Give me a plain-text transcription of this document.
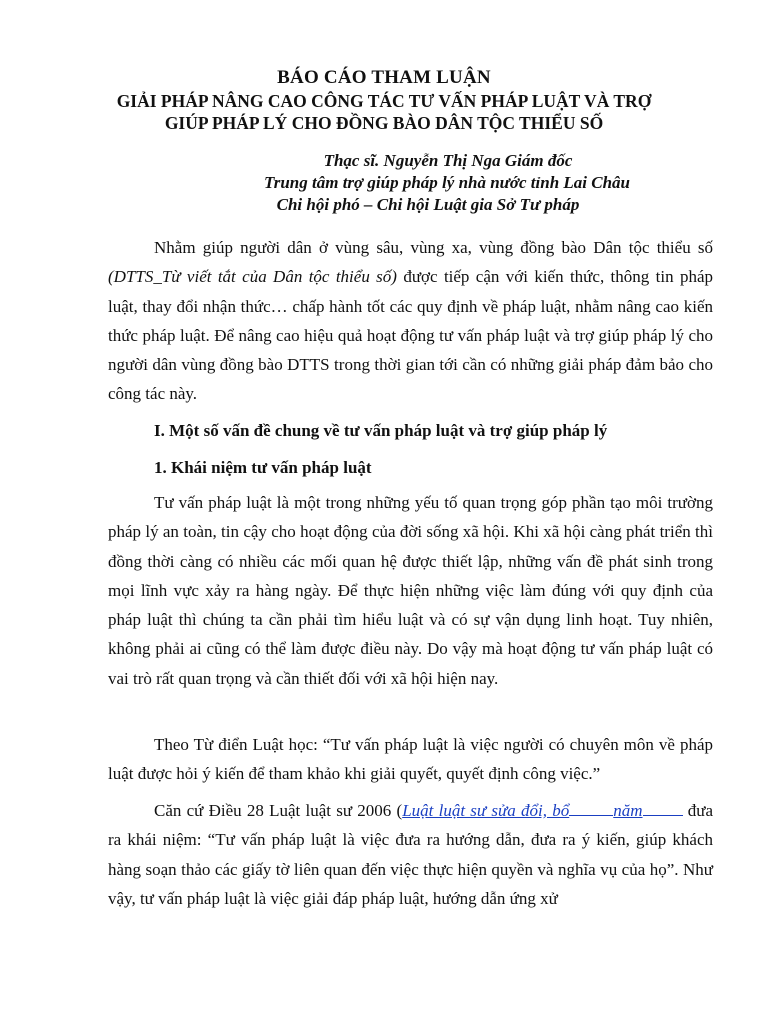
BÁO CÁO THAM LUẬN
GIẢI PHÁP NÂNG CAO CÔNG TÁC TƯ VẤN PHÁP LUẬT VÀ TRỢ
GIÚP PHÁP LÝ CHO ĐỒNG BÀO DÂN TỘC THIỂU SỐ
Thạc sĩ. Nguyễn Thị Nga Giám đốc
Trung tâm trợ giúp pháp lý nhà nước tỉnh Lai Châu
Chi hội phó – Chi hội Luật gia Sở Tư pháp

Nhằm giúp người dân ở vùng sâu, vùng xa, vùng đồng bào Dân tộc thiểu số (DTTS_Từ viết tắt của Dân tộc thiểu số) được tiếp cận với kiến thức, thông tin pháp luật, thay đổi nhận thức… chấp hành tốt các quy định về pháp luật, nhằm nâng cao kiến thức pháp luật. Để nâng cao hiệu quả hoạt động tư vấn pháp luật và trợ giúp pháp lý cho người dân vùng đồng bào DTTS trong thời gian tới cần có những giải pháp đảm bảo cho công tác này.

I. Một số vấn đề chung về tư vấn pháp luật và trợ giúp pháp lý
1. Khái niệm tư vấn pháp luật

Tư vấn pháp luật là một trong những yếu tố quan trọng góp phần tạo môi trường pháp lý an toàn, tin cậy cho hoạt động của đời sống xã hội. Khi xã hội càng phát triển thì đồng thời càng có nhiều các mối quan hệ được thiết lập, những vấn đề phát sinh trong mọi lĩnh vực xảy ra hàng ngày. Để thực hiện những việc làm đúng với quy định của pháp luật thì chúng ta cần phải tìm hiểu luật và có sự vận dụng linh hoạt. Tuy nhiên, không phải ai cũng có thể làm được điều này. Do vậy mà hoạt động tư vấn pháp luật có vai trò rất quan trọng và cần thiết đối với xã hội hiện nay.

Theo Từ điển Luật học: “Tư vấn pháp luật là việc người có chuyên môn về pháp luật được hỏi ý kiến để tham khảo khi giải quyết, quyết định công việc.”

Căn cứ Điều 28 Luật luật sư 2006 (Luật luật sư sửa đổi, bổ	năm	đưa ra khái niệm: “Tư vấn pháp luật là việc đưa ra hướng dẫn, đưa ra ý kiến, giúp khách hàng soạn thảo các giấy tờ liên quan đến việc thực hiện quyền và nghĩa vụ của họ”. Như vậy, tư vấn pháp luật là việc giải đáp pháp luật, hướng dẫn ứng xử
